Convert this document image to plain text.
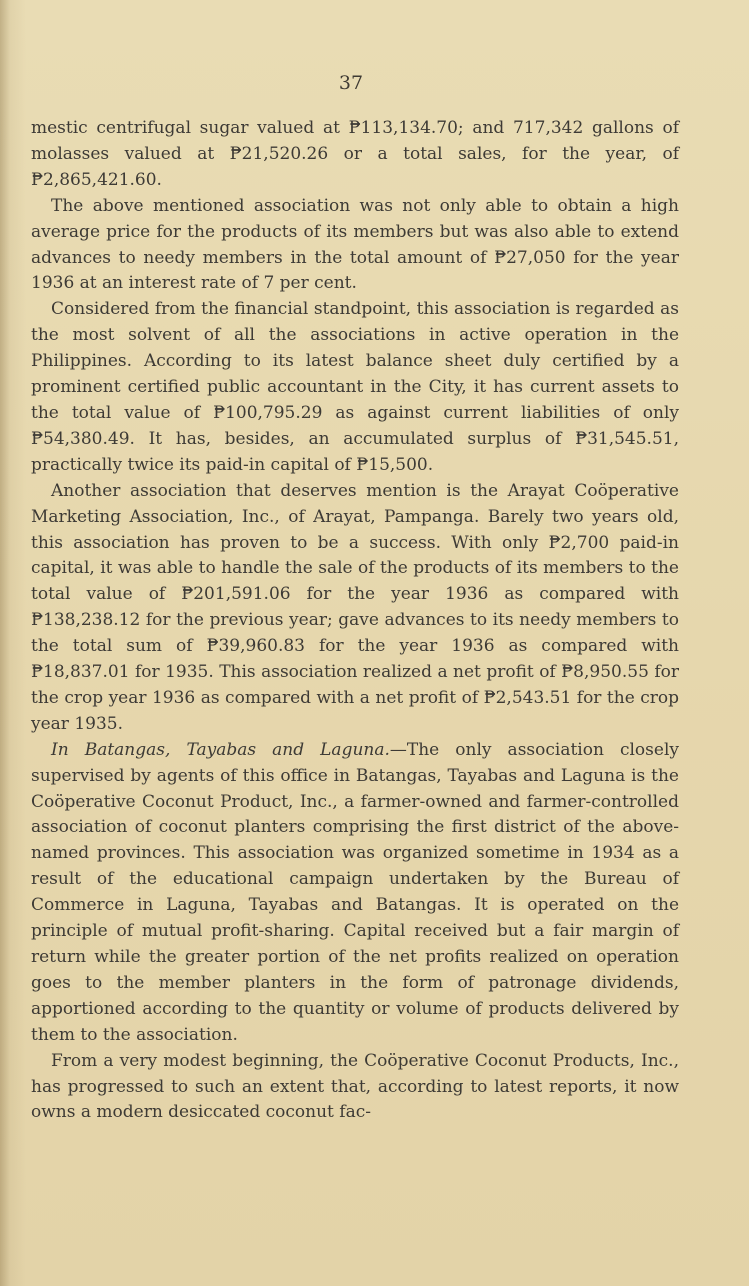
37

mestic centrifugal sugar valued at ₱113,134.70; and 717,342 gallons of molasses valued at ₱21,520.26 or a total sales, for the year, of ₱2,865,421.60.

The above mentioned association was not only able to obtain a high average price for the products of its members but was also able to extend advances to needy members in the total amount of ₱27,050 for the year 1936 at an interest rate of 7 per cent.

Considered from the financial standpoint, this association is regarded as the most solvent of all the associations in active operation in the Philippines. According to its latest balance sheet duly certified by a prominent certified public accountant in the City, it has current assets to the total value of ₱100,795.29 as against current liabilities of only ₱54,380.49. It has, besides, an accumulated surplus of ₱31,545.51, practically twice its paid-in capital of ₱15,500.

Another association that deserves mention is the Arayat Coöperative Marketing Association, Inc., of Arayat, Pampanga. Barely two years old, this association has proven to be a success. With only ₱2,700 paid-in capital, it was able to handle the sale of the products of its members to the total value of ₱201,591.06 for the year 1936 as compared with ₱138,238.12 for the previous year; gave advances to its needy members to the total sum of ₱39,960.83 for the year 1936 as compared with ₱18,837.01 for 1935. This association realized a net profit of ₱8,950.55 for the crop year 1936 as compared with a net profit of ₱2,543.51 for the crop year 1935.

In Batangas, Tayabas and Laguna.—The only association closely supervised by agents of this office in Batangas, Tayabas and Laguna is the Coöperative Coconut Product, Inc., a farmer-owned and farmer-controlled association of coconut planters comprising the first district of the above-named provinces. This association was organized sometime in 1934 as a result of the educational campaign undertaken by the Bureau of Commerce in Laguna, Tayabas and Batangas. It is operated on the principle of mutual profit-sharing. Capital received but a fair margin of return while the greater portion of the net profits realized on operation goes to the member planters in the form of patronage dividends, apportioned according to the quantity or volume of products delivered by them to the association.

From a very modest beginning, the Coöperative Coconut Products, Inc., has progressed to such an extent that, according to latest reports, it now owns a modern desiccated coconut fac-
